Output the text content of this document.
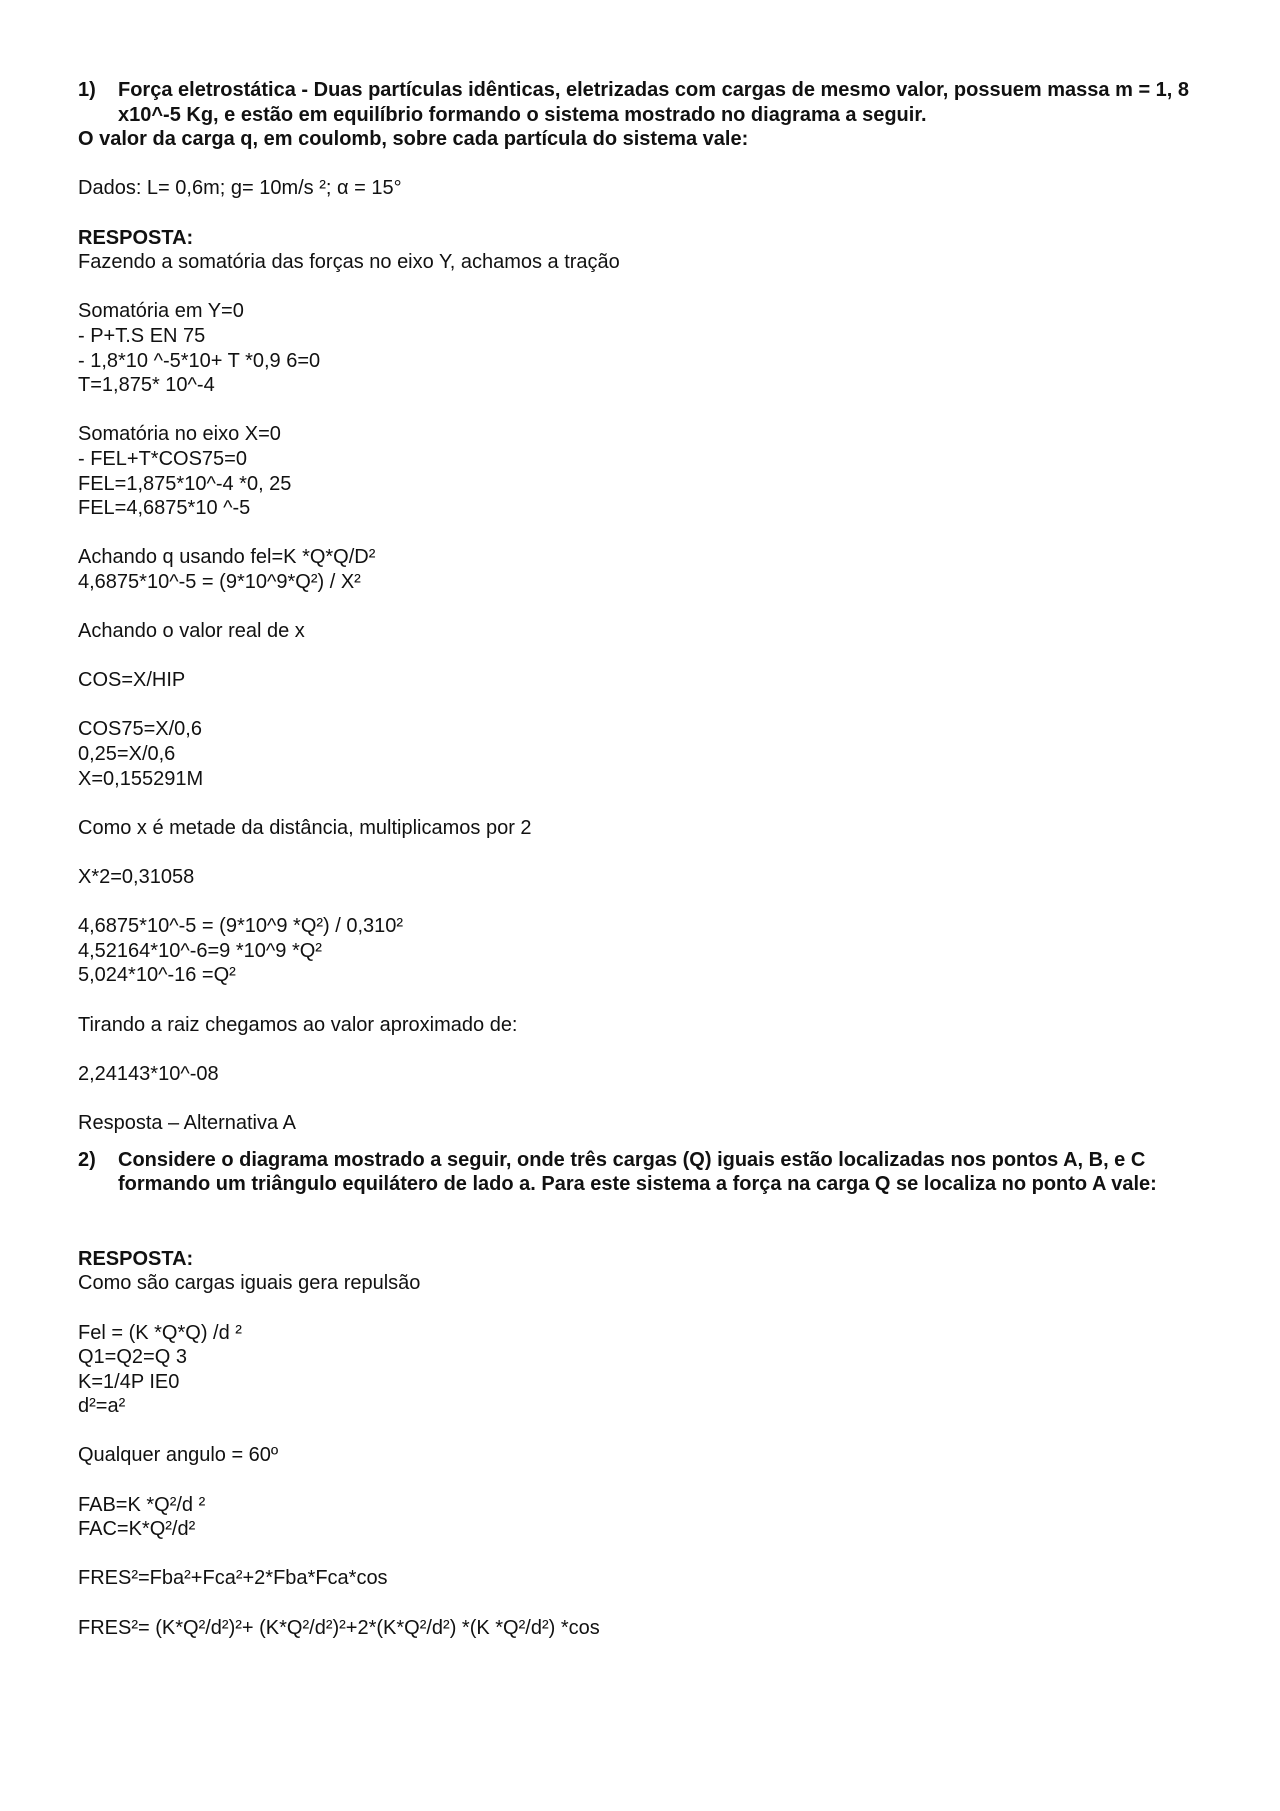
1)	Força eletrostática - Duas partículas idênticas, eletrizadas com cargas de mesmo valor, possuem massa m = 1, 8 x10^-5 Kg, e estão em equilíbrio formando o sistema mostrado no diagrama a seguir.
O valor da carga q, em coulomb, sobre cada partícula do sistema vale:
Dados: L= 0,6m; g= 10m/s ²; α = 15°
RESPOSTA:
Fazendo a somatória das forças no eixo Y, achamos a tração
Somatória em Y=0
- P+T.S EN 75
- 1,8*10 ^-5*10+ T *0,9 6=0
T=1,875* 10^-4
Somatória no eixo X=0
- FEL+T*COS75=0
FEL=1,875*10^-4 *0, 25
FEL=4,6875*10 ^-5
Achando q usando fel=K *Q*Q/D²
4,6875*10^-5 = (9*10^9*Q²) / X²
Achando o valor real de x
COS=X/HIP
COS75=X/0,6
0,25=X/0,6
X=0,155291M
Como x é metade da distância, multiplicamos por 2
X*2=0,31058
4,6875*10^-5 = (9*10^9 *Q²) / 0,310²
4,52164*10^-6=9 *10^9 *Q²
5,024*10^-16 =Q²
Tirando a raiz chegamos ao valor aproximado de:
2,24143*10^-08
Resposta – Alternativa A
2)	Considere o diagrama mostrado a seguir, onde três cargas (Q) iguais estão localizadas nos pontos A, B, e C formando um triângulo equilátero de lado a. Para este sistema a força na carga Q se localiza no ponto A vale:
RESPOSTA:
Como são cargas iguais gera repulsão
Fel = (K *Q*Q) /d ²
Q1=Q2=Q 3
K=1/4P IE0
d²=a²
Qualquer angulo = 60º
FAB=K *Q²/d ²
FAC=K*Q²/d²
FRES²=Fba²+Fca²+2*Fba*Fca*cos
FRES²= (K*Q²/d²)²+ (K*Q²/d²)²+2*(K*Q²/d²) *(K *Q²/d²) *cos
